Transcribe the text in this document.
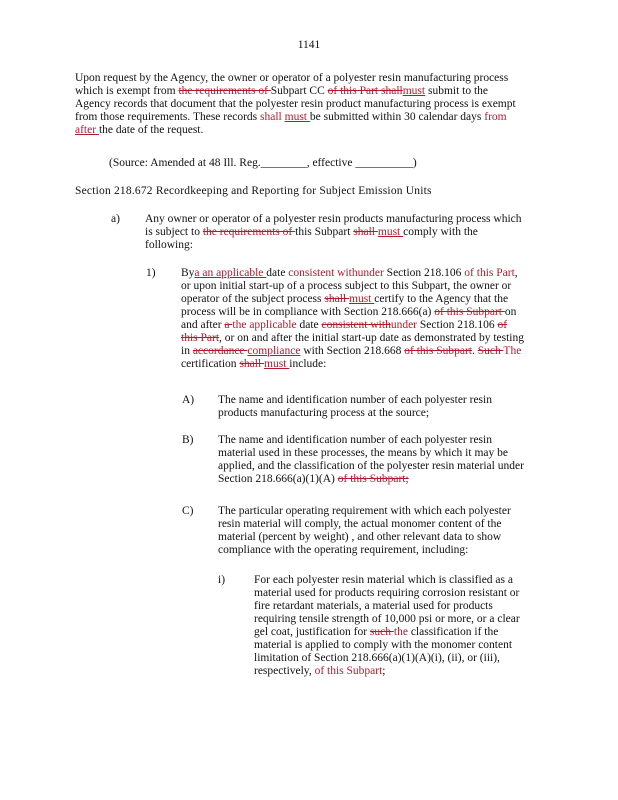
1141

Upon request by the Agency, the owner or operator of a polyester resin manufacturing process

which is exempt from the requirements of Subpart CC of this Part shallmust submit to the

Agency records that document that the polyester resin product manufacturing process is exempt

from those requirements. These records shall must be submitted within 30 calendar days from

after the date of the request.

(Source: Amended at 48 Ill. Reg.________, effective __________)
Section 218.672 Recordkeeping and Reporting for Subject Emission Units
a) Any owner or operator of a polyester resin products manufacturing process which

is subject to the requirements of this Subpart shall must comply with the

following:

1) Bya an applicable date consistent withunder Section 218.106 of this Part,

or upon initial start-up of a process subject to this Subpart, the owner or

operator of the subject process shall must certify to the Agency that the

process will be in compliance with Section 218.666(a) of this Subpart on

and after a the applicable date consistent withunder Section 218.106 of

this Part, or on and after the initial start-up date as demonstrated by testing

in accordance compliance with Section 218.668 of this Subpart. Such The

certification shall must include:

A) The name and identification number of each polyester resin

products manufacturing process at the source;

B) The name and identification number of each polyester resin

material used in these processes, the means by which it may be

applied, and the classification of the polyester resin material under

Section 218.666(a)(1)(A) of this Subpart;

C) The particular operating requirement with which each polyester

resin material will comply, the actual monomer content of the

material (percent by weight) , and other relevant data to show

compliance with the operating requirement, including:

i)	For each polyester resin material which is classified as a

material used for products requiring corrosion resistant or

fire retardant materials, a material used for products

requiring tensile strength of 10,000 psi or more, or a clear

gel coat, justification for such the classification if the

material is applied to comply with the monomer content

limitation of Section 218.666(a)(1)(A)(i), (ii), or (iii),

respectively, of this Subpart;
